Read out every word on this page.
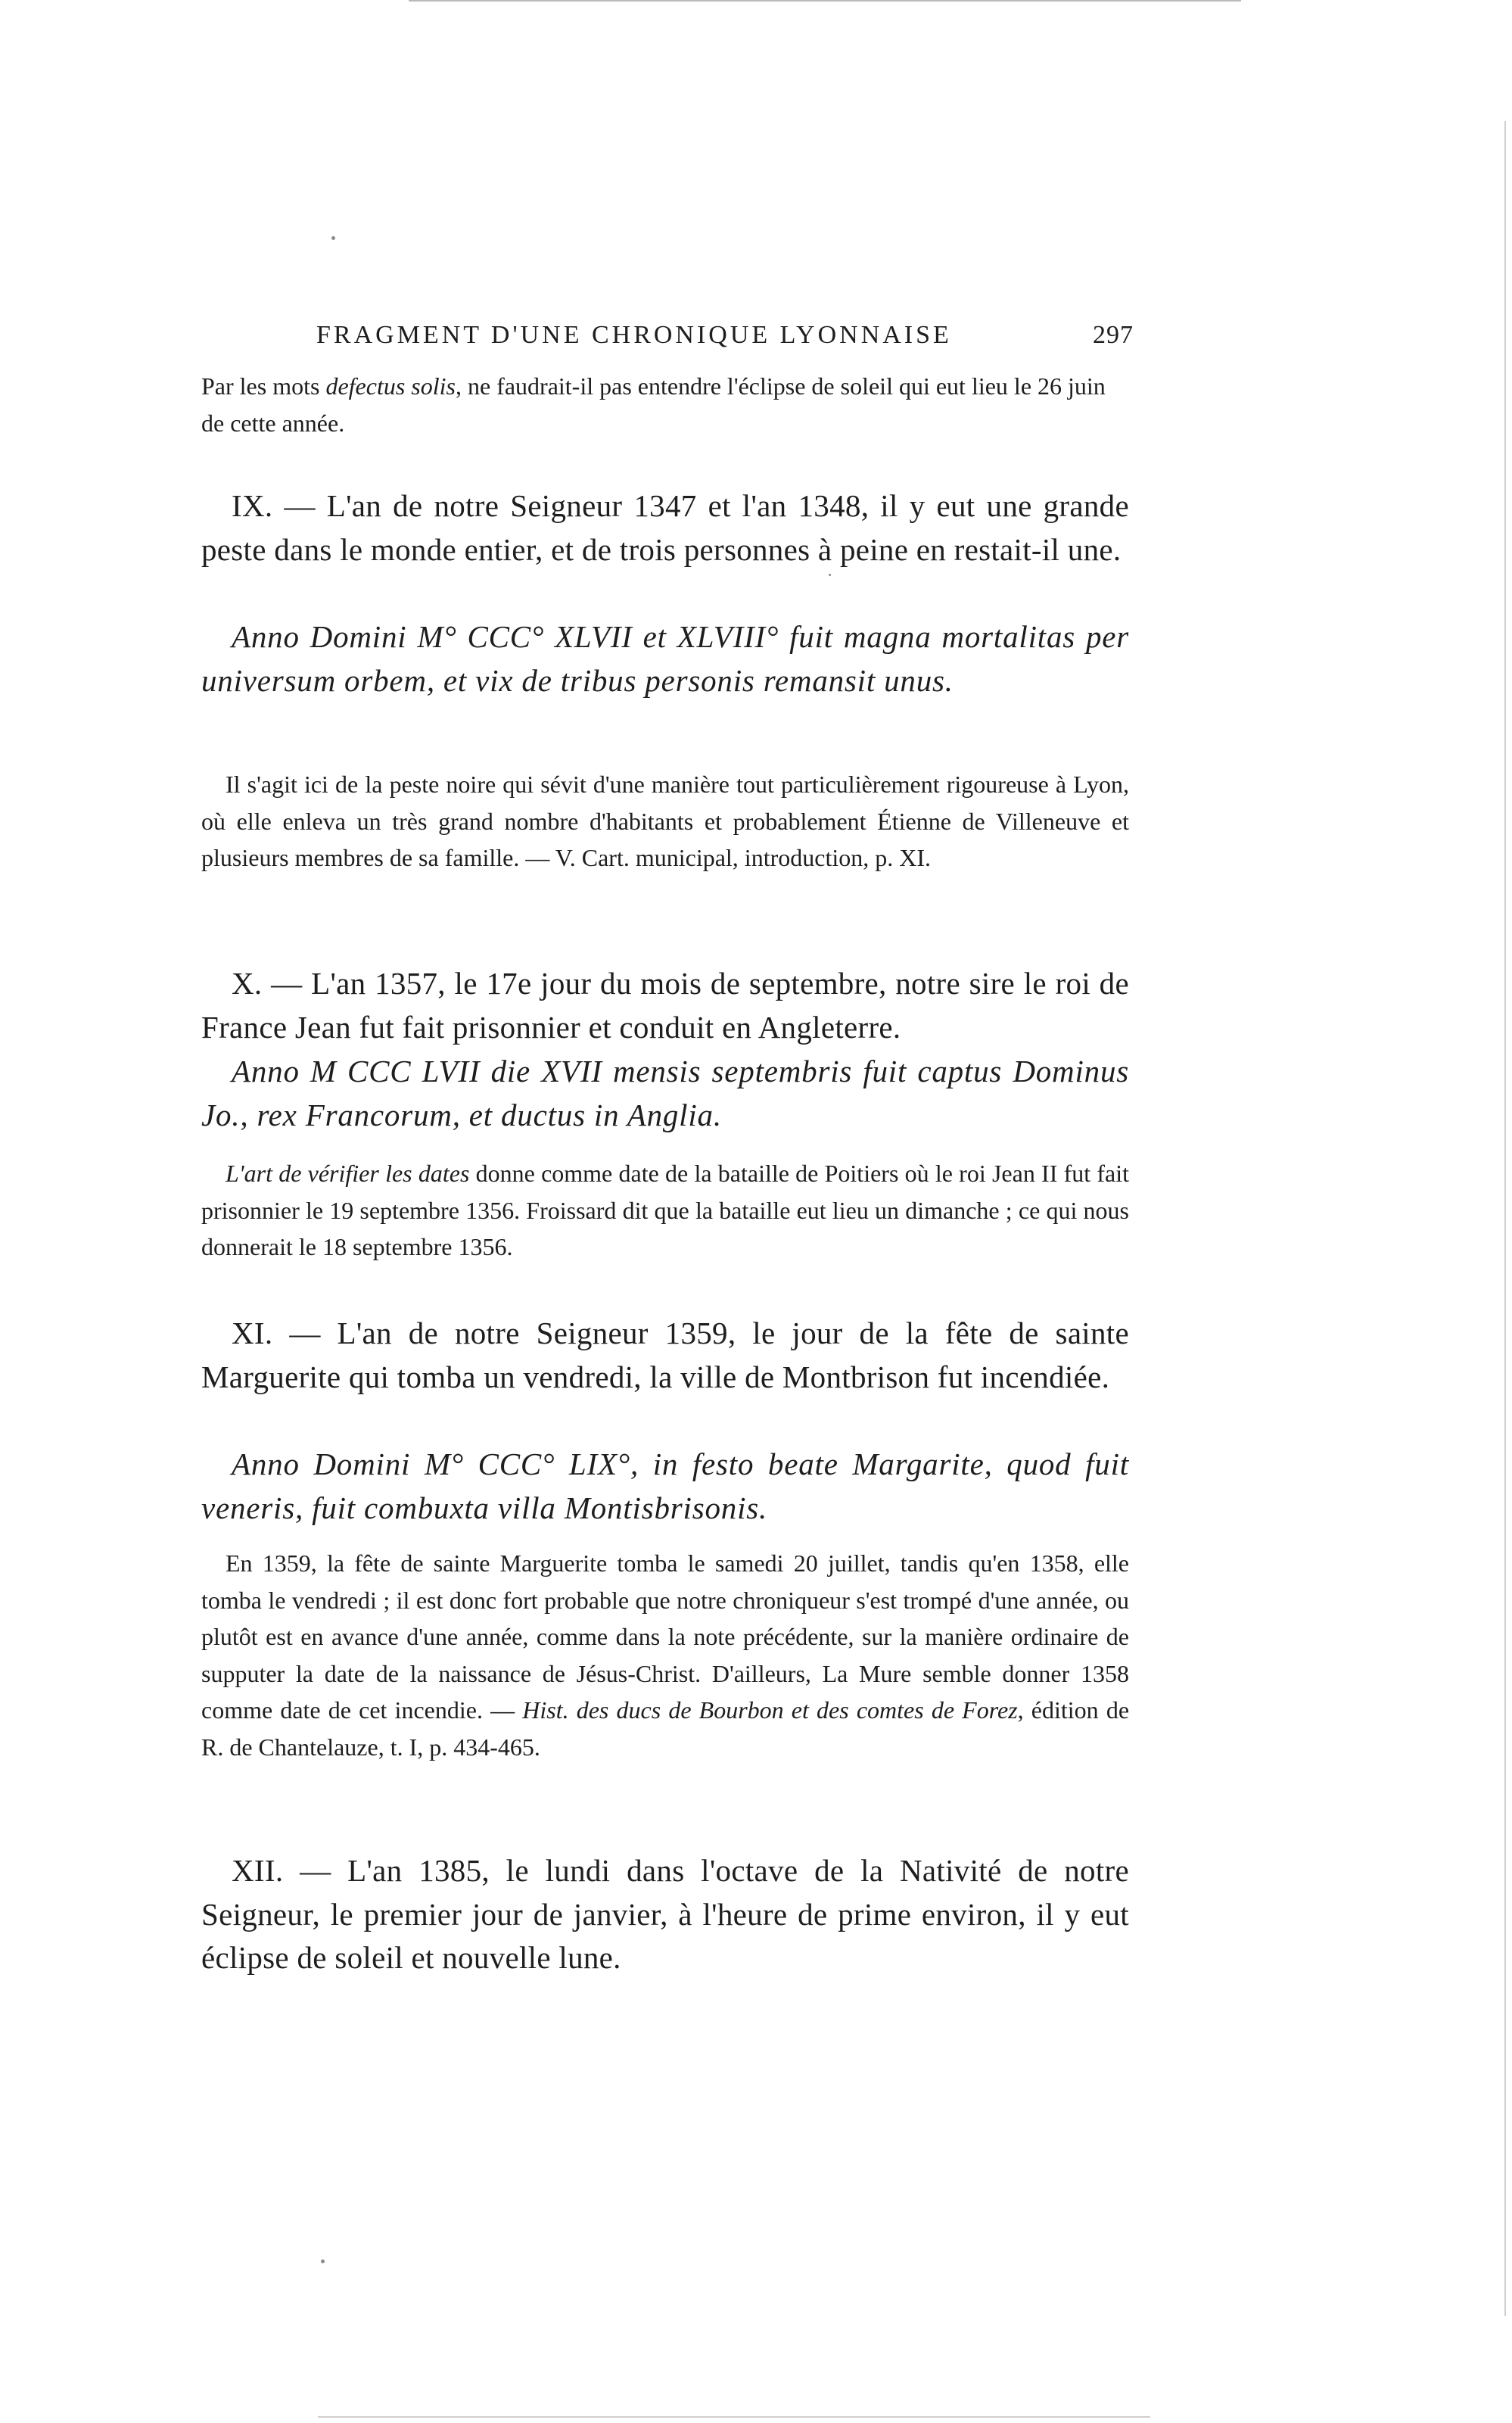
FRAGMENT D'UNE CHRONIQUE LYONNAISE	297

Par les mots defectus solis, ne faudrait-il pas entendre l'éclipse de soleil qui eut lieu le 26 juin de cette année.

IX. — L'an de notre Seigneur 1347 et l'an 1348, il y eut une grande peste dans le monde entier, et de trois personnes à peine en restait-il une.

Anno Domini M° CCC° XLVII et XLVIII° fuit magna mortalitas per universum orbem, et vix de tribus personis remansit unus.

Il s'agit ici de la peste noire qui sévit d'une manière tout particulièrement rigoureuse à Lyon, où elle enleva un très grand nombre d'habitants et probablement Étienne de Villeneuve et plusieurs membres de sa famille. — V. Cart. municipal, introduction, p. XI.

X. — L'an 1357, le 17e jour du mois de septembre, notre sire le roi de France Jean fut fait prisonnier et conduit en Angleterre.

Anno M CCC LVII die XVII mensis septembris fuit captus Dominus Jo., rex Francorum, et ductus in Anglia.

L'art de vérifier les dates donne comme date de la bataille de Poitiers où le roi Jean II fut fait prisonnier le 19 septembre 1356. Froissard dit que la bataille eut lieu un dimanche ; ce qui nous donnerait le 18 septembre 1356.

XI. — L'an de notre Seigneur 1359, le jour de la fête de sainte Marguerite qui tomba un vendredi, la ville de Montbrison fut incendiée.

Anno Domini M° CCC° LIX°, in festo beate Margarite, quod fuit veneris, fuit combuxta villa Montisbrisonis.

En 1359, la fête de sainte Marguerite tomba le samedi 20 juillet, tandis qu'en 1358, elle tomba le vendredi ; il est donc fort probable que notre chroniqueur s'est trompé d'une année, ou plutôt est en avance d'une année, comme dans la note précédente, sur la manière ordinaire de supputer la date de la naissance de Jésus-Christ. D'ailleurs, La Mure semble donner 1358 comme date de cet incendie. — Hist. des ducs de Bourbon et des comtes de Forez, édition de R. de Chantelauze, t. I, p. 434-465.

XII. — L'an 1385, le lundi dans l'octave de la Nativité de notre Seigneur, le premier jour de janvier, à l'heure de prime environ, il y eut éclipse de soleil et nouvelle lune.
